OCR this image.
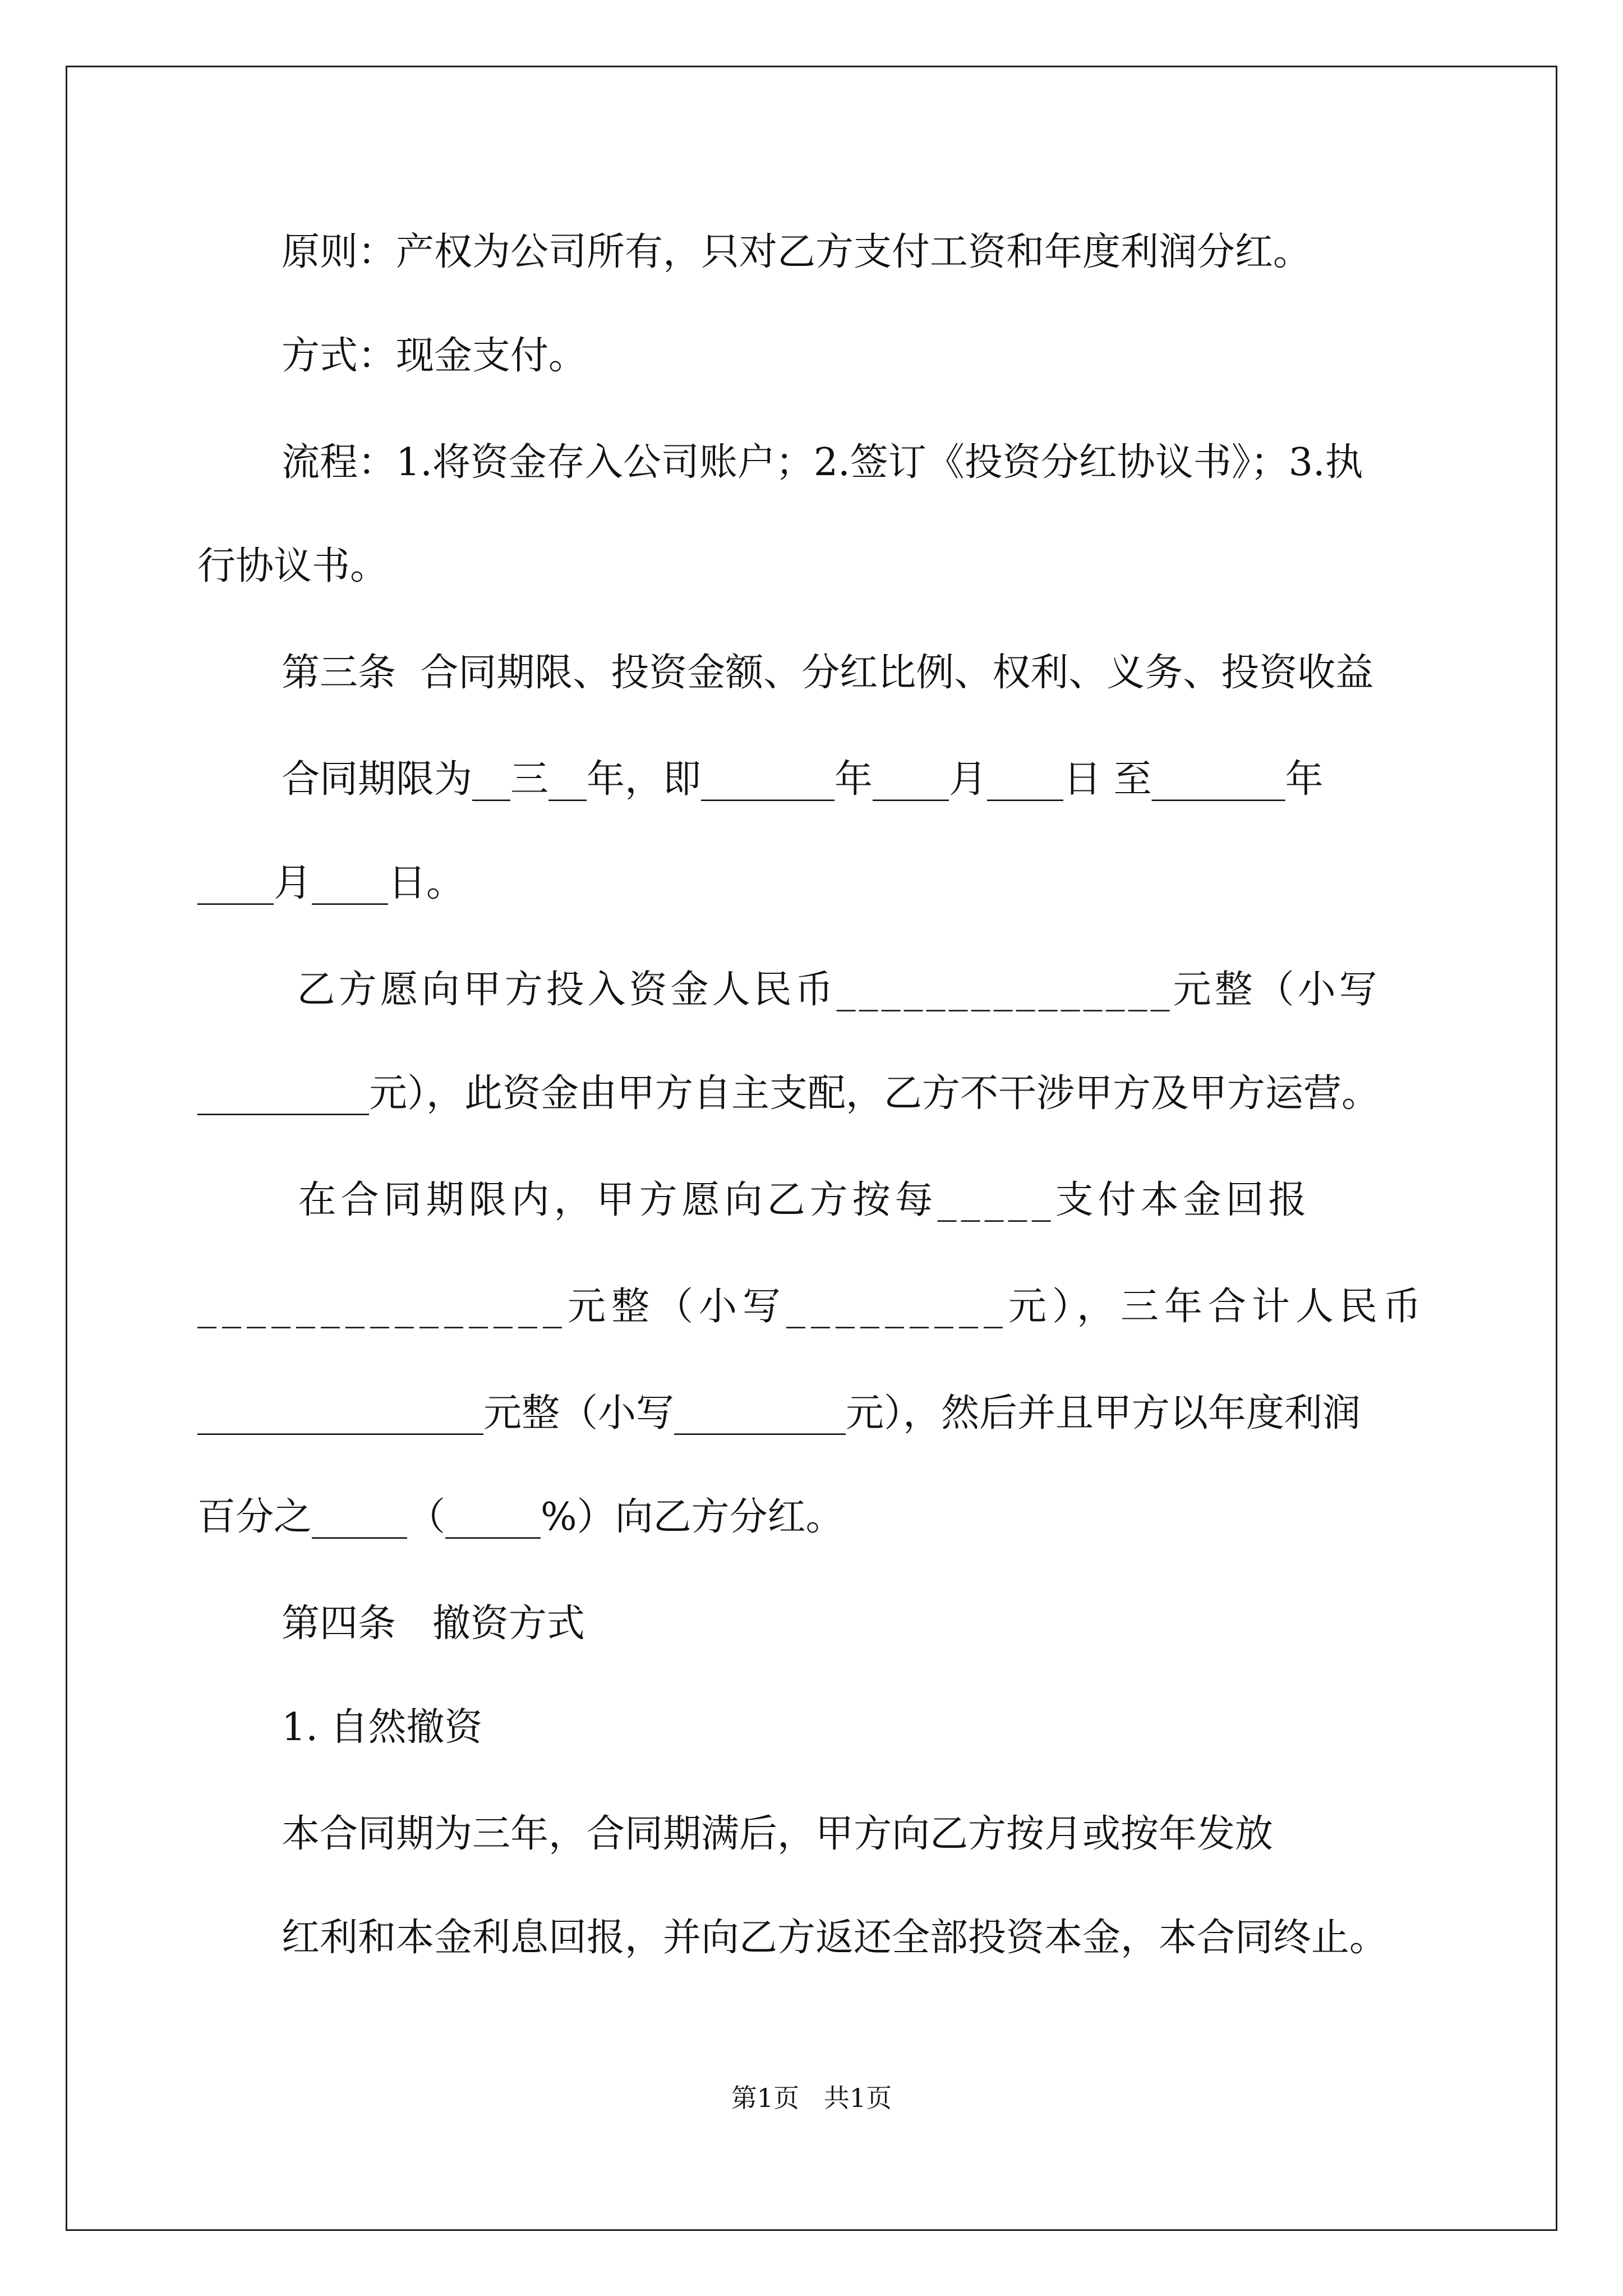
原则：产权为公司所有，只对乙方支付工资和年度利润分红。
方式：现金支付。
流程：1.将资金存入公司账户；2.签订《投资分红协议书》；3.执
行协议书。
第三条  合同期限、投资金额、分红比例、权利、义务、投资收益
合同期限为__三__年，即_______年____月____日 至_______年
____月____日。
乙方愿向甲方投入资金人民币_______________元整（小写
_________元），此资金由甲方自主支配，乙方不干涉甲方及甲方运营。
在合同期限内，甲方愿向乙方按每_____支付本金回报
_______________元整（小写_________元），三年合计人民币
_______________元整（小写_________元），然后并且甲方以年度利润
百分之_____（_____%）向乙方分红。
第四条   撤资方式
1. 自然撤资
本合同期为三年，合同期满后，甲方向乙方按月或按年发放
红利和本金利息回报，并向乙方返还全部投资本金，本合同终止。
第1页   共1页
